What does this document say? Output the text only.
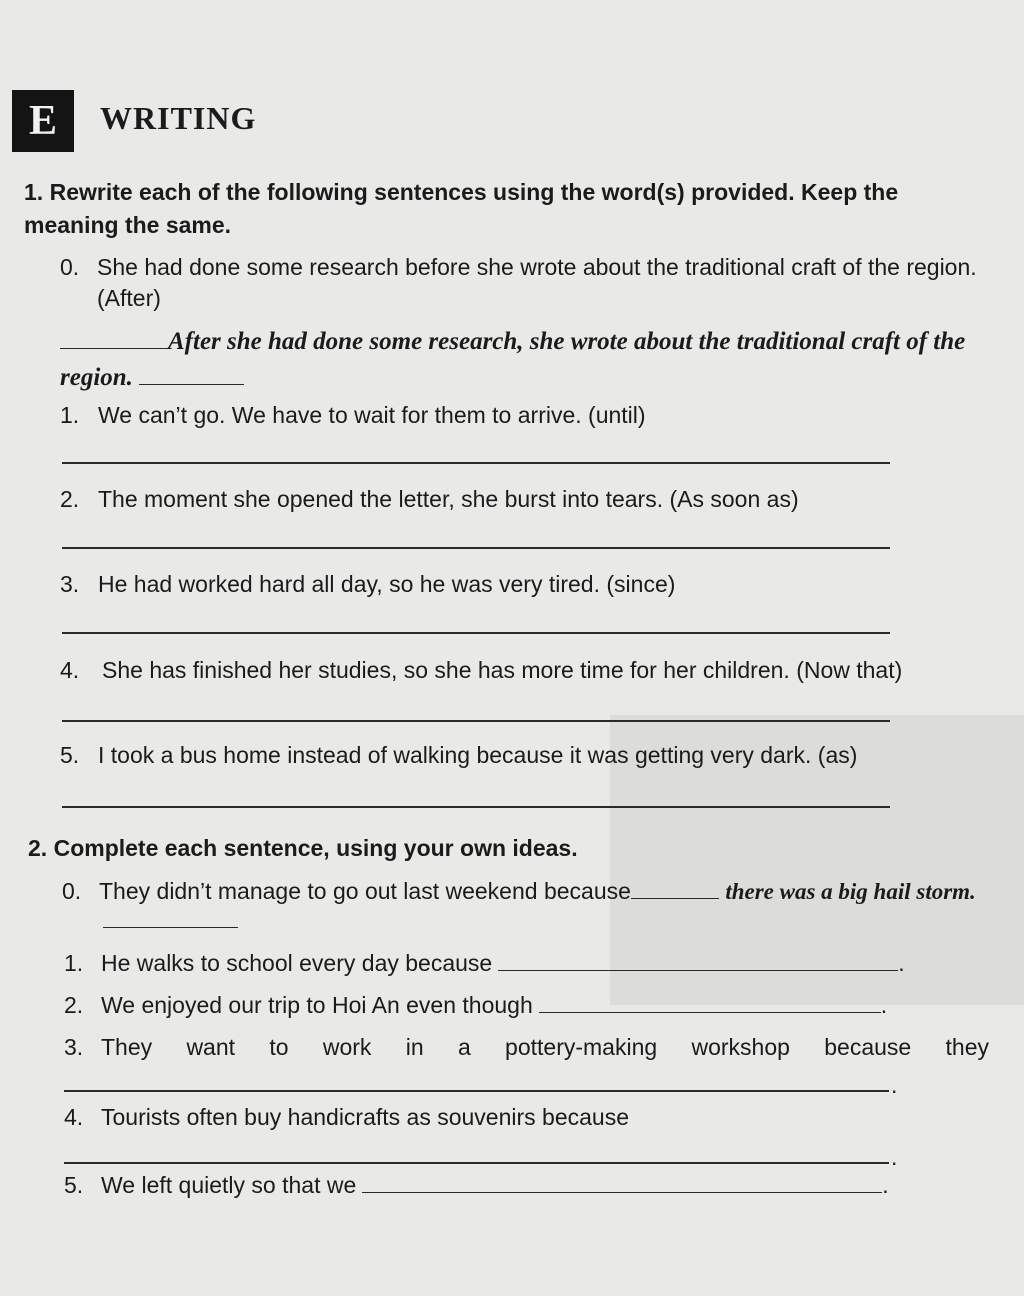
E	WRITING
1. Rewrite each of the following sentences using the word(s) provided. Keep the meaning the same.
0. She had done some research before she wrote about the traditional craft of the region. (After)
After she had done some research, she wrote about the traditional craft of the region.
1. We can’t go. We have to wait for them to arrive. (until)
2. The moment she opened the letter, she burst into tears. (As soon as)
3. He had worked hard all day, so he was very tired. (since)
4. She has finished her studies, so she has more time for her children. (Now that)
5. I took a bus home instead of walking because it was getting very dark. (as)
2. Complete each sentence, using your own ideas.
0. They didn’t manage to go out last weekend because	there was a big hail storm.
1. He walks to school every day because	.
2. We enjoyed our trip to Hoi An even though	.
3. They want to work in a pottery-making workshop because they
.
4. Tourists often buy handicrafts as souvenirs because
.
5. We left quietly so that we	.
